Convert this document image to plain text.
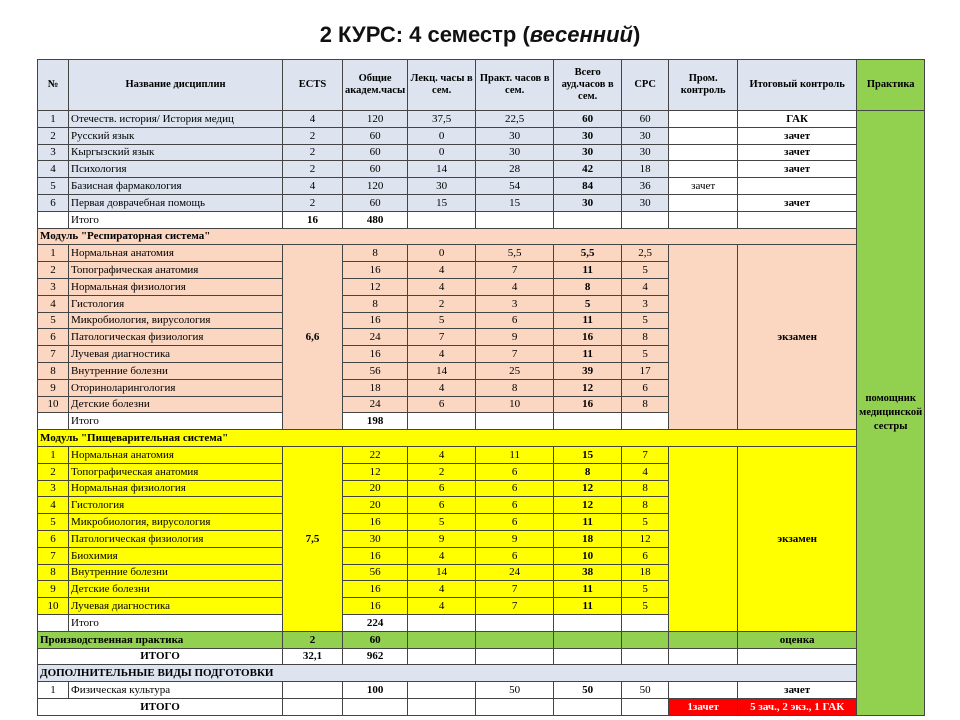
2 КУРС: 4 семестр (весенний)
№	Название дисциплин	ECTS	Общие академ.часы	Лекц. часы в сем.	Практ. часов в сем.	Всего ауд.часов в сем.	СРС	Пром. контроль	Итоговый контроль	Практика
1	Отечеств. история/ История медиц	4	120	37,5	22,5	60	60		ГАК	помощник медицинской сестры
2	Русский язык	2	60	0	30	30	30		зачет	
3	Кыргызский язык	2	60	0	30	30	30		зачет	
4	Психология	2	60	14	28	42	18		зачет	
5	Базисная фармакология	4	120	30	54	84	36	зачет		
6	Первая доврачебная помощь	2	60	15	15	30	30		зачет	
	Итого	16	480							
Модуль "Респираторная система"										
1	Нормальная анатомия	6,6	8	0	5,5	5,5	2,5		экзамен	
2	Топографическая анатомия		16	4	7	11	5			
3	Нормальная физиология		12	4	4	8	4			
4	Гистология		8	2	3	5	3			
5	Микробиология, вирусология		16	5	6	11	5			
6	Патологическая физиология		24	7	9	16	8			
7	Лучевая диагностика		16	4	7	11	5			
8	Внутренние болезни		56	14	25	39	17			
9	Оториноларингология		18	4	8	12	6			
10	Детские болезни		24	6	10	16	8			
	Итого		198							
Модуль "Пищеварительная система"										
1	Нормальная анатомия	7,5	22	4	11	15	7		экзамен	
2	Топографическая анатомия		12	2	6	8	4			
3	Нормальная физиология		20	6	6	12	8			
4	Гистология		20	6	6	12	8			
5	Микробиология, вирусология		16	5	6	11	5			
6	Патологическая физиология		30	9	9	18	12			
7	Биохимия		16	4	6	10	6			
8	Внутренние болезни		56	14	24	38	18			
9	Детские болезни		16	4	7	11	5			
10	Лучевая диагностика		16	4	7	11	5			
	Итого		224							
Производственная практика		2	60						оценка	
ИТОГО		32,1	962							
ДОПОЛНИТЕЛЬНЫЕ ВИДЫ ПОДГОТОВКИ										
1	Физическая культура		100		50	50	50		зачет	
ИТОГО								1зачет	5 зач., 2 экз., 1 ГАК	
